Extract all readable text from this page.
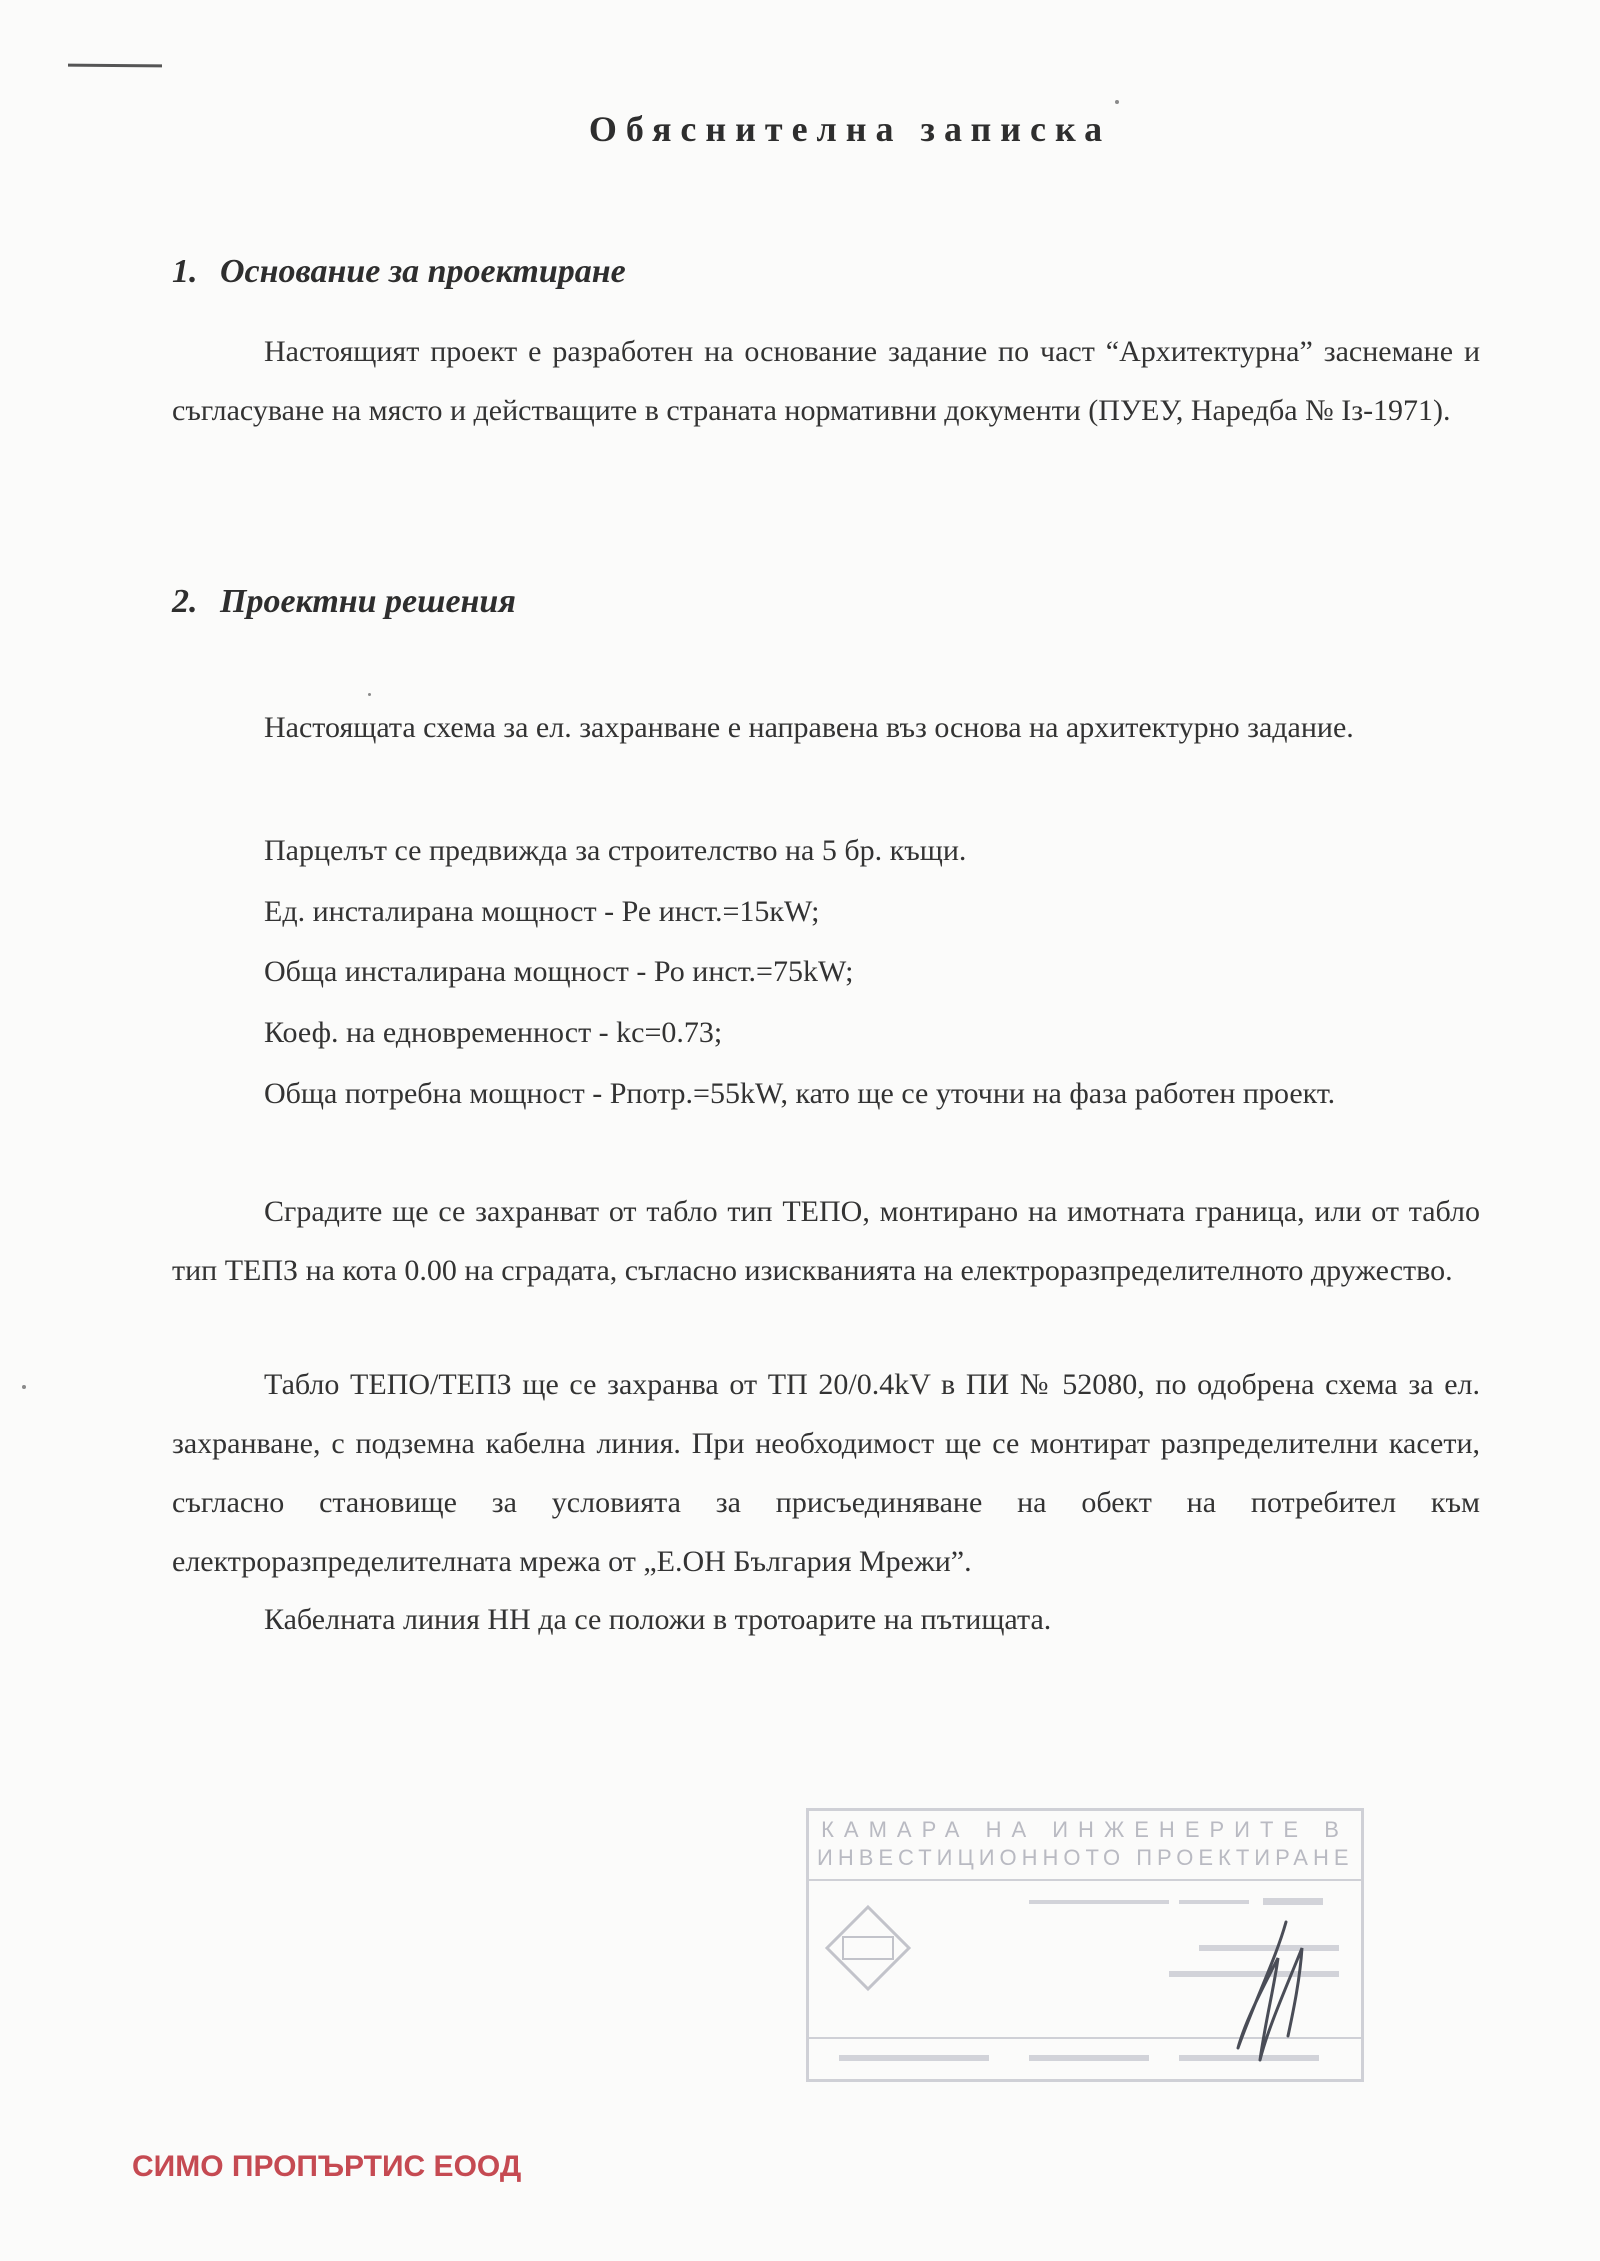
Обяснителна записка
1. Основание за проектиране
Настоящият проект е разработен на основание задание по част “Архитектурна” заснемане и съгласуване на място и действащите в страната нормативни документи (ПУЕУ, Наредба № Iз-1971).
2. Проектни решения
Настоящата схема за ел. захранване е направена въз основа на архитектурно задание.
Парцелът се предвижда за строителство на 5 бр. къщи.
Ед. инсталирана мощност - Ре инст.=15кW;
Обща инсталирана мощност - Ро инст.=75kW;
Коеф. на едновременност - kc=0.73;
Обща потребна мощност - Рпотр.=55kW, като ще се уточни на фаза работен проект.
Сградите ще се захранват от табло тип ТЕПО, монтирано на имотната граница, или от табло тип ТЕПЗ на кота 0.00 на сградата, съгласно изискванията на електроразпределителното дружество.
Табло ТЕПО/ТЕПЗ ще се захранва от ТП 20/0.4kV в ПИ № 52080, по одобрена схема за ел. захранване, с подземна кабелна линия. При необходимост ще се монтират разпределителни касети, съгласно становище за условията за присъединяване на обект на потребител към електроразпределителната мрежа от „Е.ОН България Мрежи”.
Кабелната линия НН да се положи в тротоарите на пътищата.
КАМАРА НА ИНЖЕНЕРИТЕ В
ИНВЕСТИЦИОННОТО ПРОЕКТИРАНЕ
СИМО ПРОПЪРТИС ЕООД
